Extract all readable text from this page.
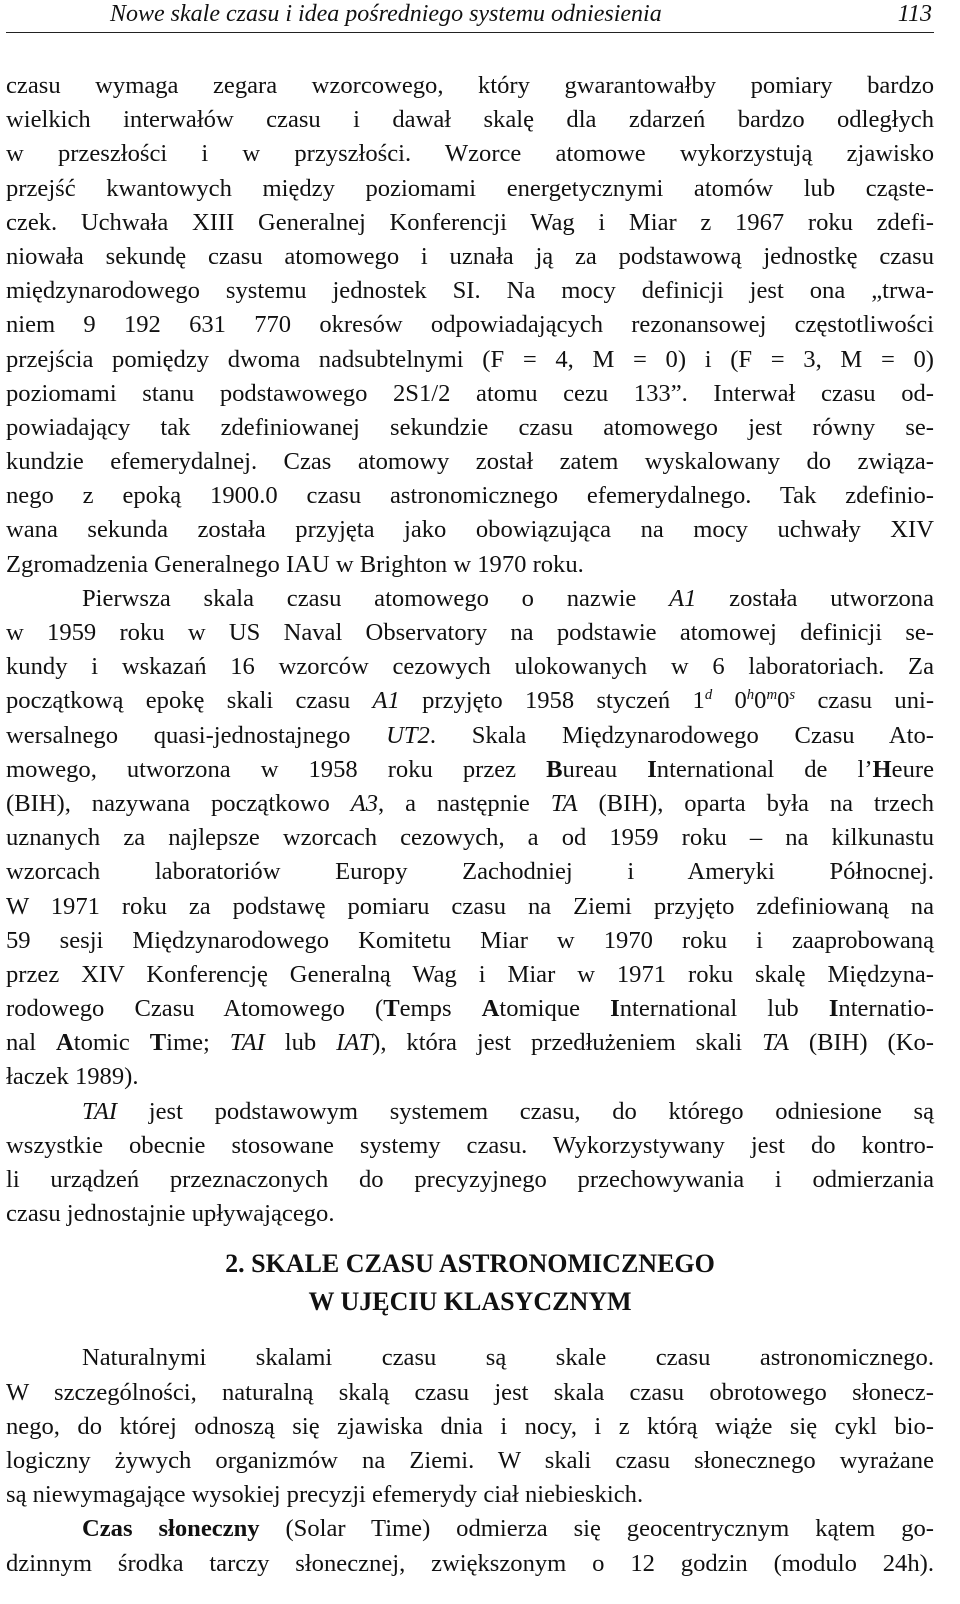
Nowe skale czasu i idea pośredniego systemu odniesienia	113
czasu wymaga zegara wzorcowego, który gwarantowałby pomiary bardzo
wielkich interwałów czasu i dawał skalę dla zdarzeń bardzo odległych
w przeszłości i w przyszłości. Wzorce atomowe wykorzystują zjawisko
przejść kwantowych między poziomami energetycznymi atomów lub cząste-
czek. Uchwała XIII Generalnej Konferencji Wag i Miar z 1967 roku zdefi-
niowała sekundę czasu atomowego i uznała ją za podstawową jednostkę czasu
międzynarodowego systemu jednostek SI. Na mocy definicji jest ona „trwa-
niem 9 192 631 770 okresów odpowiadających rezonansowej częstotliwości
przejścia pomiędzy dwoma nadsubtelnymi (F = 4, M = 0) i (F = 3, M = 0)
poziomami stanu podstawowego 2S1/2 atomu cezu 133”. Interwał czasu od-
powiadający tak zdefiniowanej sekundzie czasu atomowego jest równy se-
kundzie efemerydalnej. Czas atomowy został zatem wyskalowany do związa-
nego z epoką 1900.0 czasu astronomicznego efemerydalnego. Tak zdefinio-
wana sekunda została przyjęta jako obowiązująca na mocy uchwały XIV
Zgromadzenia Generalnego IAU w Brighton w 1970 roku.
Pierwsza skala czasu atomowego o nazwie A1 została utworzona
w 1959 roku w US Naval Observatory na podstawie atomowej definicji se-
kundy i wskazań 16 wzorców cezowych ulokowanych w 6 laboratoriach. Za
początkową epokę skali czasu A1 przyjęto 1958 styczeń 1$^d$ 0$^h$0$^m$0$^s$ czasu uni-
wersalnego quasi-jednostajnego UT2. Skala Międzynarodowego Czasu Ato-
mowego, utworzona w 1958 roku przez Bureau International de l’Heure
(BIH), nazywana początkowo A3, a następnie TA (BIH), oparta była na trzech
uznanych za najlepsze wzorcach cezowych, a od 1959 roku – na kilkunastu
wzorcach laboratoriów Europy Zachodniej i Ameryki Północnej.
W 1971 roku za podstawę pomiaru czasu na Ziemi przyjęto zdefiniowaną na
59 sesji Międzynarodowego Komitetu Miar w 1970 roku i zaaprobowaną
przez XIV Konferencję Generalną Wag i Miar w 1971 roku skalę Międzyna-
rodowego Czasu Atomowego (Temps Atomique International lub Internatio-
nal Atomic Time; TAI lub IAT), która jest przedłużeniem skali TA (BIH) (Ko-
łaczek 1989).
TAI jest podstawowym systemem czasu, do którego odniesione są
wszystkie obecnie stosowane systemy czasu. Wykorzystywany jest do kontro-
li urządzeń przeznaczonych do precyzyjnego przechowywania i odmierzania
czasu jednostajnie upływającego.
2. SKALE CZASU ASTRONOMICZNEGO
W UJĘCIU KLASYCZNYM
Naturalnymi skalami czasu są skale czasu astronomicznego.
W szczególności, naturalną skalą czasu jest skala czasu obrotowego słonecz-
nego, do której odnoszą się zjawiska dnia i nocy, i z którą wiąże się cykl bio-
logiczny żywych organizmów na Ziemi. W skali czasu słonecznego wyrażane
są niewymagające wysokiej precyzji efemerydy ciał niebieskich.
Czas słoneczny (Solar Time) odmierza się geocentrycznym kątem go-
dzinnym środka tarczy słonecznej, zwiększonym o 12 godzin (modulo 24h).
